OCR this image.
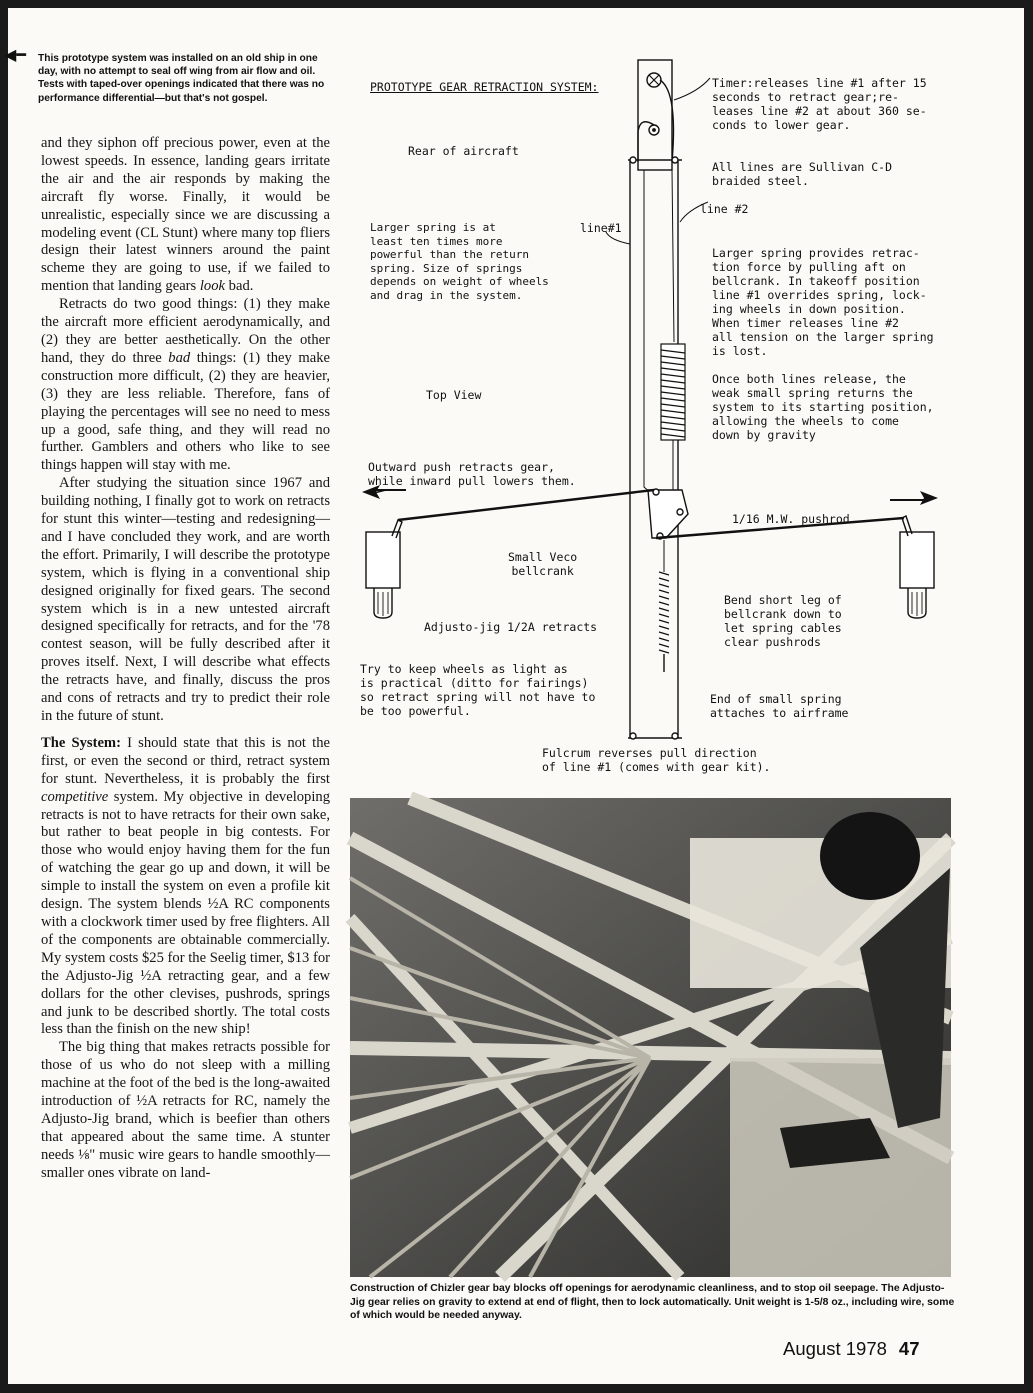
◀━ This prototype system was installed on an old ship in one day, with no attempt to seal off wing from air flow and oil. Tests with taped-over openings indicated that there was no performance differential—but that's not gospel.

and they siphon off precious power, even at the lowest speeds. In essence, landing gears irritate the air and the air responds by making the aircraft fly worse. Finally, it would be unrealistic, especially since we are discussing a modeling event (CL Stunt) where many top fliers design their latest winners around the paint scheme they are going to use, if we failed to mention that landing gears look bad.

Retracts do two good things: (1) they make the aircraft more efficient aerodynamically, and (2) they are better aesthetically. On the other hand, they do three bad things: (1) they make construction more difficult, (2) they are heavier, (3) they are less reliable. Therefore, fans of playing the percentages will see no need to mess up a good, safe thing, and they will read no further. Gamblers and others who like to see things happen will stay with me.

After studying the situation since 1967 and building nothing, I finally got to work on retracts for stunt this winter—testing and redesigning—and I have concluded they work, and are worth the effort. Primarily, I will describe the prototype system, which is flying in a conventional ship designed originally for fixed gears. The second system which is in a new untested aircraft designed specifically for retracts, and for the '78 contest season, will be fully described after it proves itself. Next, I will describe what effects the retracts have, and finally, discuss the pros and cons of retracts and try to predict their role in the future of stunt.

The System: I should state that this is not the first, or even the second or third, retract system for stunt. Nevertheless, it is probably the first competitive system. My objective in developing retracts is not to have retracts for their own sake, but rather to beat people in big contests. For those who would enjoy having them for the fun of watching the gear go up and down, it will be simple to install the system on even a profile kit design. The system blends ½A RC components with a clockwork timer used by free flighters. All of the components are obtainable commercially. My system costs $25 for the Seelig timer, $13 for the Adjusto-Jig ½A retracting gear, and a few dollars for the other clevises, pushrods, springs and junk to be described shortly. The total costs less than the finish on the new ship!

The big thing that makes retracts possible for those of us who do not sleep with a milling machine at the foot of the bed is the long-awaited introduction of ½A retracts for RC, namely the Adjusto-Jig brand, which is beefier than others that appeared about the same time. A stunter needs ⅛" music wire gears to handle smoothly—smaller ones vibrate on land-

PROTOTYPE GEAR RETRACTION SYSTEM:
Rear of aircraft
Larger spring is at
least ten times more
powerful than the return
spring. Size of springs
depends on weight of wheels
and drag in the system.
line#1
line #2
Timer:releases line #1 after 15
seconds to retract gear;re-
leases line #2 at about 360 se-
conds to lower gear.
All lines are Sullivan C-D
braided steel.
Larger spring provides retrac-
tion force by pulling aft on
bellcrank. In takeoff position
line #1 overrides spring, lock-
ing wheels in down position.
When timer releases line #2
all tension on the larger spring
is lost.
Once both lines release, the
weak small spring returns the
system to its starting position,
allowing the wheels to come
down by gravity
Top View
Outward push retracts gear,
while inward pull lowers them.
1/16 M.W. pushrod
Small Veco
bellcrank
Adjusto-jig 1/2A retracts
Bend short leg of
bellcrank down to
let spring cables
clear pushrods
Try to keep wheels as light as
is practical (ditto for fairings)
so retract spring will not have to
be too powerful.
End of small spring
attaches to airframe
Fulcrum reverses pull direction
of line #1 (comes with gear kit).
Construction of Chizler gear bay blocks off openings for aerodynamic cleanliness, and to stop oil seepage. The Adjusto-Jig gear relies on gravity to extend at end of flight, then to lock automatically. Unit weight is 1-5/8 oz., including wire, some of which would be needed anyway.
August 1978 47
